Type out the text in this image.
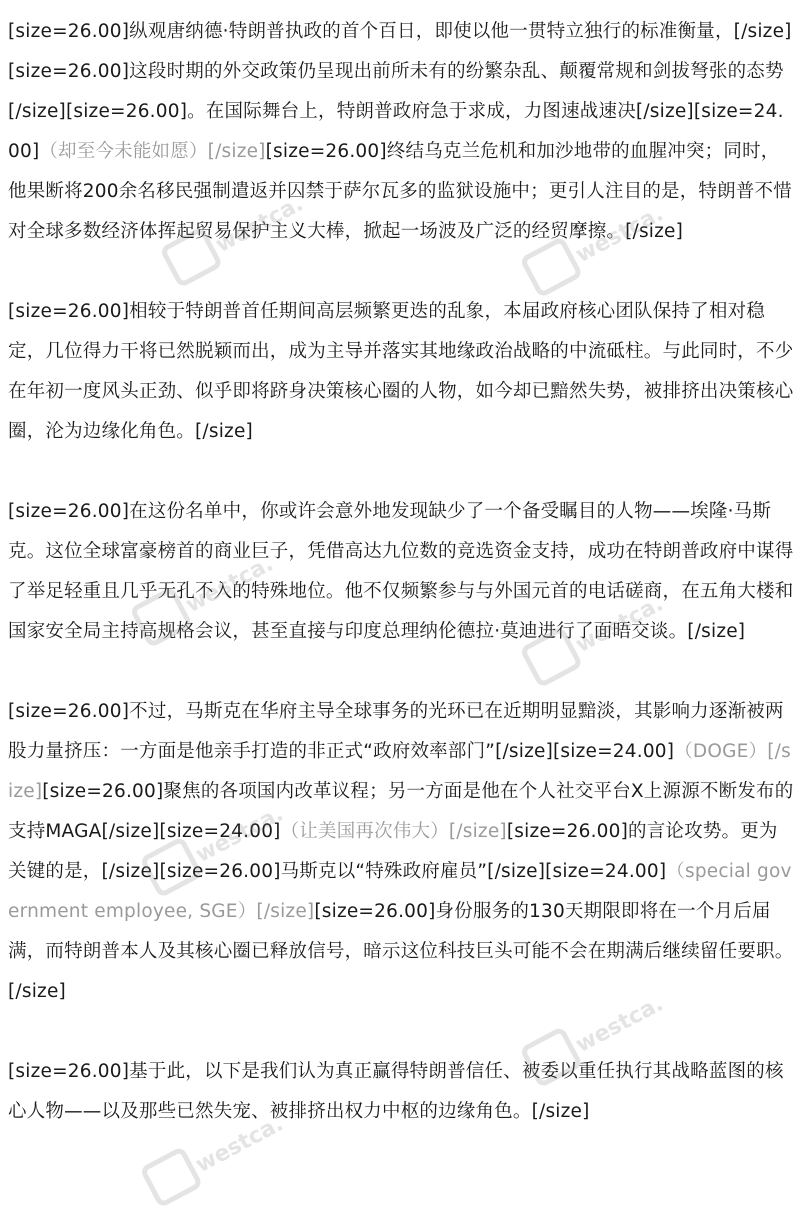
[size=26.00]纵观唐纳德·特朗普执政的首个百日，即使以他一贯特立独行的标准衡量，[/size][size=26.00]这段时期的外交政策仍呈现出前所未有的纷繁杂乱、颠覆常规和剑拔弩张的态势[/size][size=26.00]。在国际舞台上，特朗普政府急于求成，力图速战速决[/size][size=24.00]（却至今未能如愿）[/size][size=26.00]终结乌克兰危机和加沙地带的血腥冲突；同时，他果断将200余名移民强制遣返并囚禁于萨尔瓦多的监狱设施中；更引人注目的是，特朗普不惜对全球多数经济体挥起贸易保护主义大棒，掀起一场波及广泛的经贸摩擦。[/size]

[size=26.00]相较于特朗普首任期间高层频繁更迭的乱象，本届政府核心团队保持了相对稳定，几位得力干将已然脱颖而出，成为主导并落实其地缘政治战略的中流砥柱。与此同时，不少在年初一度风头正劲、似乎即将跻身决策核心圈的人物，如今却已黯然失势，被排挤出决策核心圈，沦为边缘化角色。[/size]

[size=26.00]在这份名单中，你或许会意外地发现缺少了一个备受瞩目的人物——埃隆·马斯克。这位全球富豪榜首的商业巨子，凭借高达九位数的竞选资金支持，成功在特朗普政府中谋得了举足轻重且几乎无孔不入的特殊地位。他不仅频繁参与与外国元首的电话磋商，在五角大楼和国家安全局主持高规格会议，甚至直接与印度总理纳伦德拉·莫迪进行了面晤交谈。[/size]

[size=26.00]不过，马斯克在华府主导全球事务的光环已在近期明显黯淡，其影响力逐渐被两股力量挤压：一方面是他亲手打造的非正式“政府效率部门”[/size][size=24.00]（DOGE）[/size][size=26.00]聚焦的各项国内改革议程；另一方面是他在个人社交平台X上源源不断发布的支持MAGA[/size][size=24.00]（让美国再次伟大）[/size][size=26.00]的言论攻势。更为关键的是，[/size][size=26.00]马斯克以“特殊政府雇员”[/size][size=24.00]（special government employee, SGE）[/size][size=26.00]身份服务的130天期限即将在一个月后届满，而特朗普本人及其核心圈已释放信号，暗示这位科技巨头可能不会在期满后继续留任要职。[/size]

[size=26.00]基于此，以下是我们认为真正赢得特朗普信任、被委以重任执行其战略蓝图的核心人物——以及那些已然失宠、被排挤出权力中枢的边缘角色。[/size]

westca.com	westca.com
westca.com	westca.com
westca.com
westca.com
westca.com
